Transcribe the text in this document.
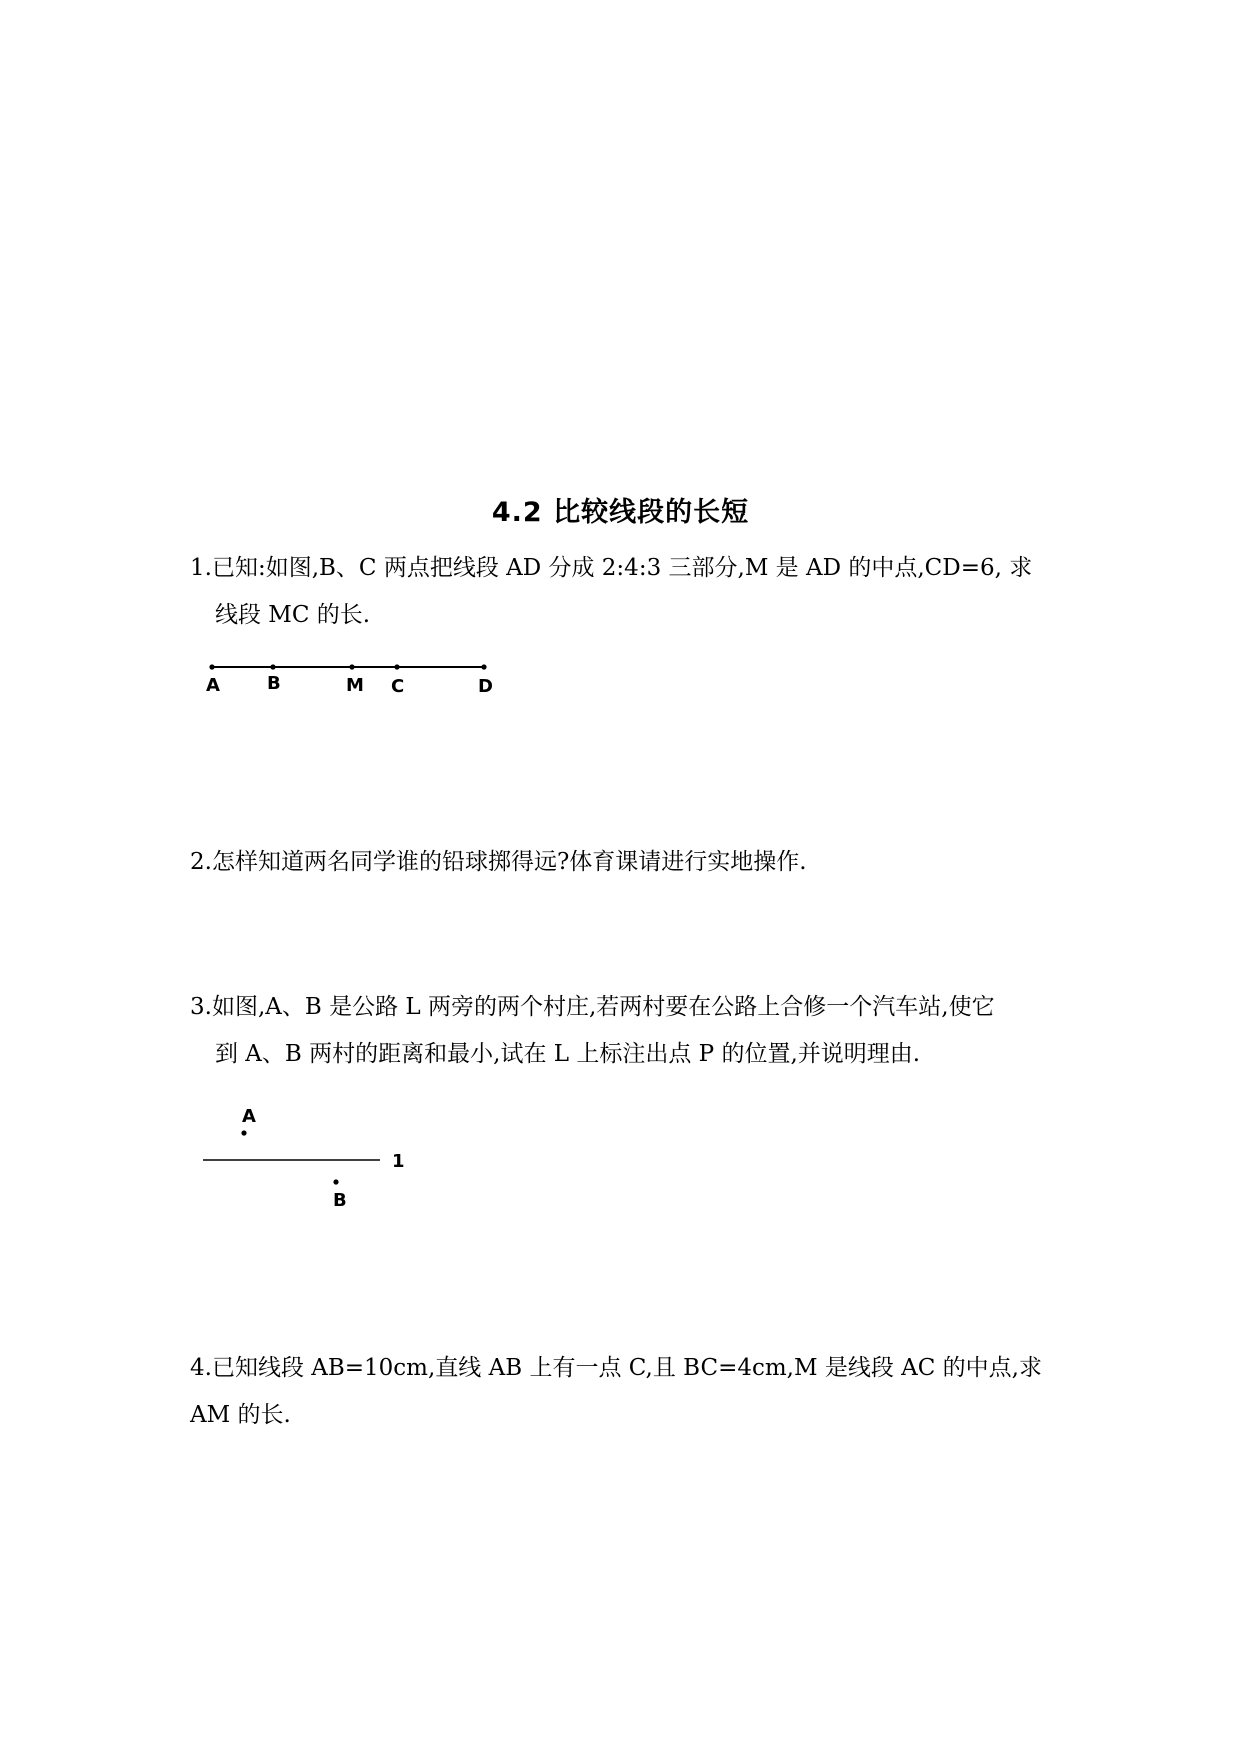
4.2 比较线段的长短
1.已知:如图,B、C 两点把线段 AD 分成 2:4:3 三部分,M 是 AD 的中点,CD=6, 求
线段 MC 的长.
A	B	M C	D
2.怎样知道两名同学谁的铅球掷得远?体育课请进行实地操作.
3.如图,A、B 是公路 L 两旁的两个村庄,若两村要在公路上合修一个汽车站,使它
到 A、B 两村的距离和最小,试在 L 上标注出点 P 的位置,并说明理由.
A
1
B
4.已知线段 AB=10cm,直线 AB 上有一点 C,且 BC=4cm,M 是线段 AC 的中点,求
AM 的长.
